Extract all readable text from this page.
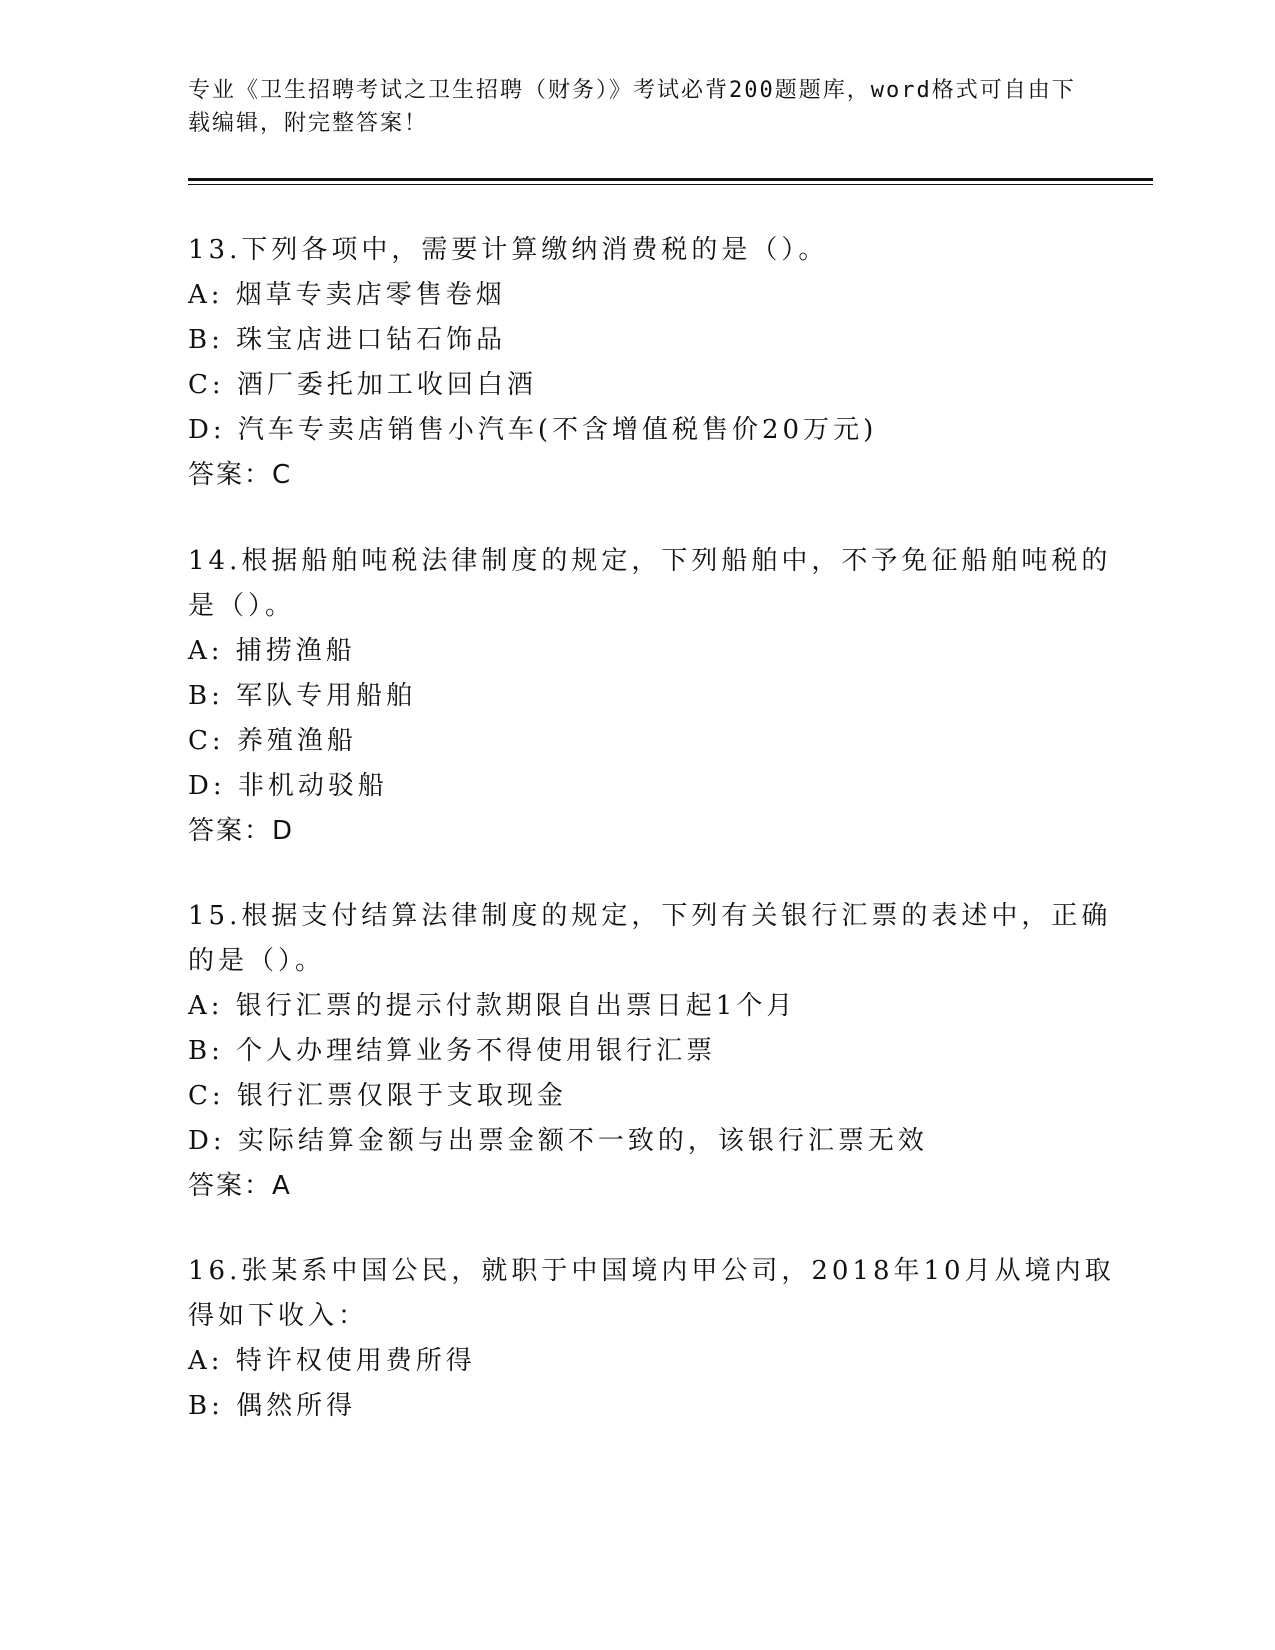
专业《卫生招聘考试之卫生招聘（财务）》考试必背200题题库，word格式可自由下载编辑，附完整答案！
13.下列各项中，需要计算缴纳消费税的是（）。
A: 烟草专卖店零售卷烟
B: 珠宝店进口钻石饰品
C: 酒厂委托加工收回白酒
D: 汽车专卖店销售小汽车(不含增值税售价20万元)
答案：C
14.根据船舶吨税法律制度的规定，下列船舶中，不予免征船舶吨税的
是（）。
A: 捕捞渔船
B: 军队专用船舶
C: 养殖渔船
D: 非机动驳船
答案：D
15.根据支付结算法律制度的规定，下列有关银行汇票的表述中，正确
的是（）。
A: 银行汇票的提示付款期限自出票日起1个月
B: 个人办理结算业务不得使用银行汇票
C: 银行汇票仅限于支取现金
D: 实际结算金额与出票金额不一致的，该银行汇票无效
答案：A
16.张某系中国公民，就职于中国境内甲公司，2018年10月从境内取
得如下收入：
A: 特许权使用费所得
B: 偶然所得
